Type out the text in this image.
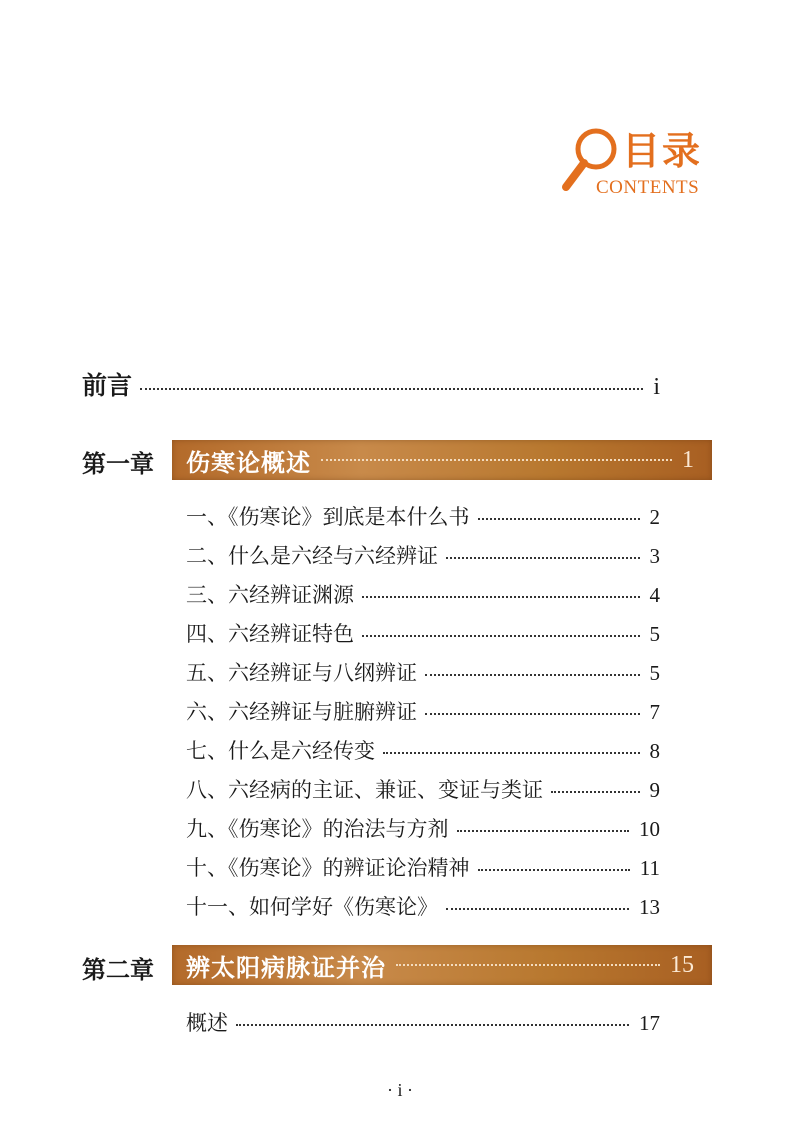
目录
CONTENTS
前言	i
第一章 伤寒论概述	1
一、《伤寒论》到底是本什么书	2
二、什么是六经与六经辨证	3
三、六经辨证渊源	4
四、六经辨证特色	5
五、六经辨证与八纲辨证	5
六、六经辨证与脏腑辨证	7
七、什么是六经传变	8
八、六经病的主证、兼证、变证与类证	9
九、《伤寒论》的治法与方剂	10
十、《伤寒论》的辨证论治精神	11
十一、如何学好《伤寒论》	13
第二章 辨太阳病脉证并治	15
概述	17
· i ·
